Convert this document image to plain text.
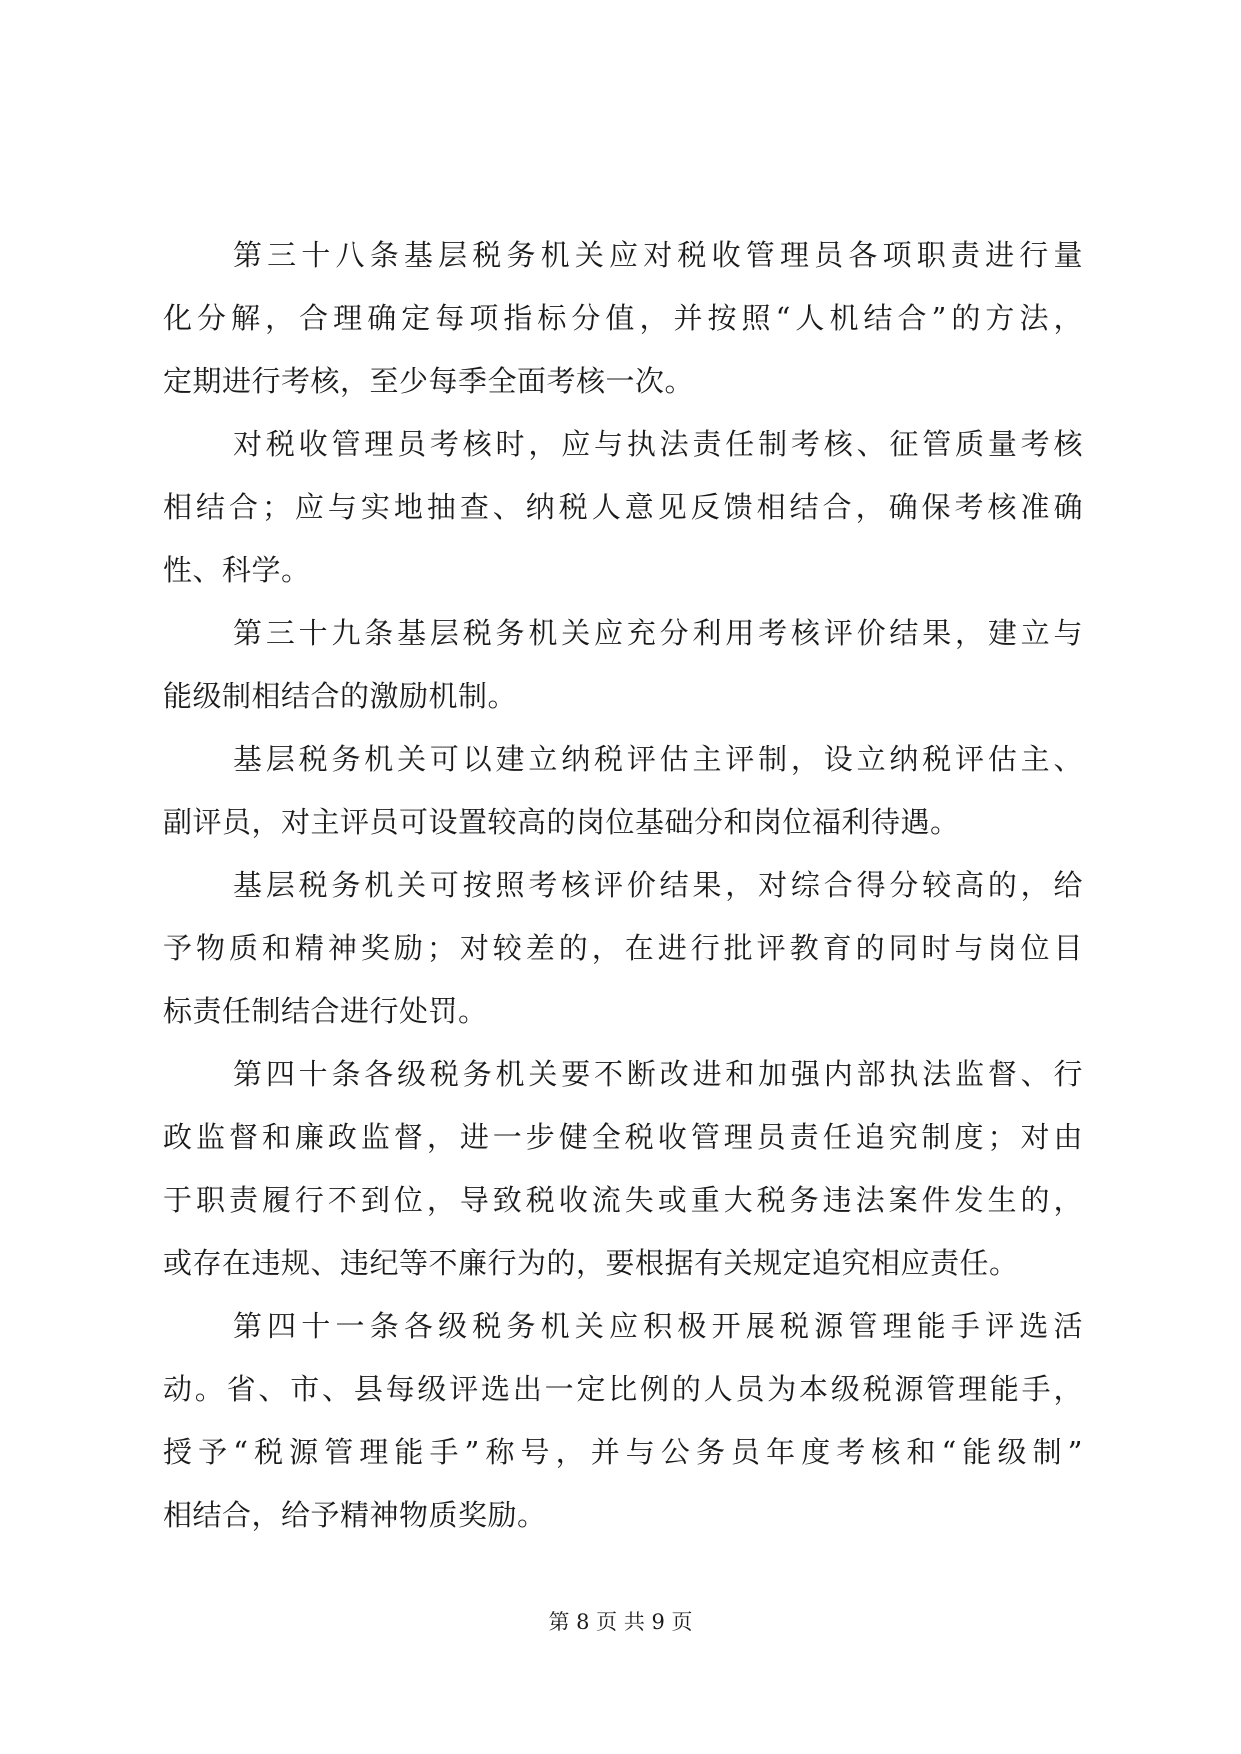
第三十八条基层税务机关应对税收管理员各项职责进行量
化分解，合理确定每项指标分值，并按照“人机结合”的方法，
定期进行考核，至少每季全面考核一次。
对税收管理员考核时，应与执法责任制考核、征管质量考核
相结合；应与实地抽查、纳税人意见反馈相结合，确保考核准确
性、科学。
第三十九条基层税务机关应充分利用考核评价结果，建立与
能级制相结合的激励机制。
基层税务机关可以建立纳税评估主评制，设立纳税评估主、
副评员，对主评员可设置较高的岗位基础分和岗位福利待遇。
基层税务机关可按照考核评价结果，对综合得分较高的，给
予物质和精神奖励；对较差的，在进行批评教育的同时与岗位目
标责任制结合进行处罚。
第四十条各级税务机关要不断改进和加强内部执法监督、行
政监督和廉政监督，进一步健全税收管理员责任追究制度；对由
于职责履行不到位，导致税收流失或重大税务违法案件发生的，
或存在违规、违纪等不廉行为的，要根据有关规定追究相应责任。
第四十一条各级税务机关应积极开展税源管理能手评选活
动。省、市、县每级评选出一定比例的人员为本级税源管理能手，
授予“税源管理能手”称号，并与公务员年度考核和“能级制”
相结合，给予精神物质奖励。
第 8 页 共 9 页
